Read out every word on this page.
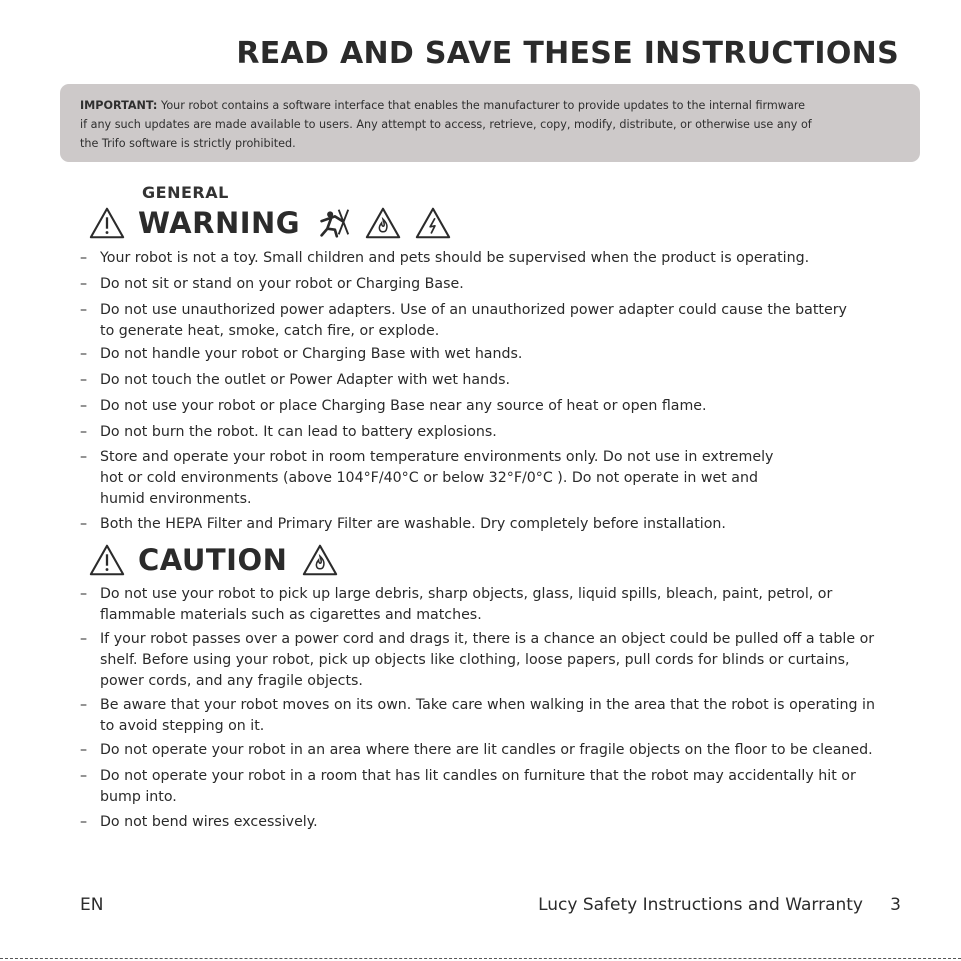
READ AND SAVE THESE INSTRUCTIONS
IMPORTANT: Your robot contains a software interface that enables the manufacturer to provide updates to the internal firmware
if any such updates are made available to users. Any attempt to access, retrieve, copy, modify, distribute, or otherwise use any of
the Trifo software is strictly prohibited.
GENERAL
WARNING
– Your robot is not a toy. Small children and pets should be supervised when the product is operating.
– Do not sit or stand on your robot or Charging Base.
– Do not use unauthorized power adapters. Use of an unauthorized power adapter could cause the battery
to generate heat, smoke, catch fire, or explode.
– Do not handle your robot or Charging Base with wet hands.
– Do not touch the outlet or Power Adapter with wet hands.
– Do not use your robot or place Charging Base near any source of heat or open flame.
– Do not burn the robot. It can lead to battery explosions.
– Store and operate your robot in room temperature environments only. Do not use in extremely
hot or cold environments (above 104°F/40°C or below 32°F/0°C ). Do not operate in wet and
humid environments.
– Both the HEPA Filter and Primary Filter are washable. Dry completely before installation.
CAUTION
– Do not use your robot to pick up large debris, sharp objects, glass, liquid spills, bleach, paint, petrol, or
flammable materials such as cigarettes and matches.
– If your robot passes over a power cord and drags it, there is a chance an object could be pulled off a table or
shelf. Before using your robot, pick up objects like clothing, loose papers, pull cords for blinds or curtains,
power cords, and any fragile objects.
– Be aware that your robot moves on its own. Take care when walking in the area that the robot is operating in
to avoid stepping on it.
– Do not operate your robot in an area where there are lit candles or fragile objects on the floor to be cleaned.
– Do not operate your robot in a room that has lit candles on furniture that the robot may accidentally hit or
bump into.
– Do not bend wires excessively.
EN	Lucy Safety Instructions and Warranty 3
